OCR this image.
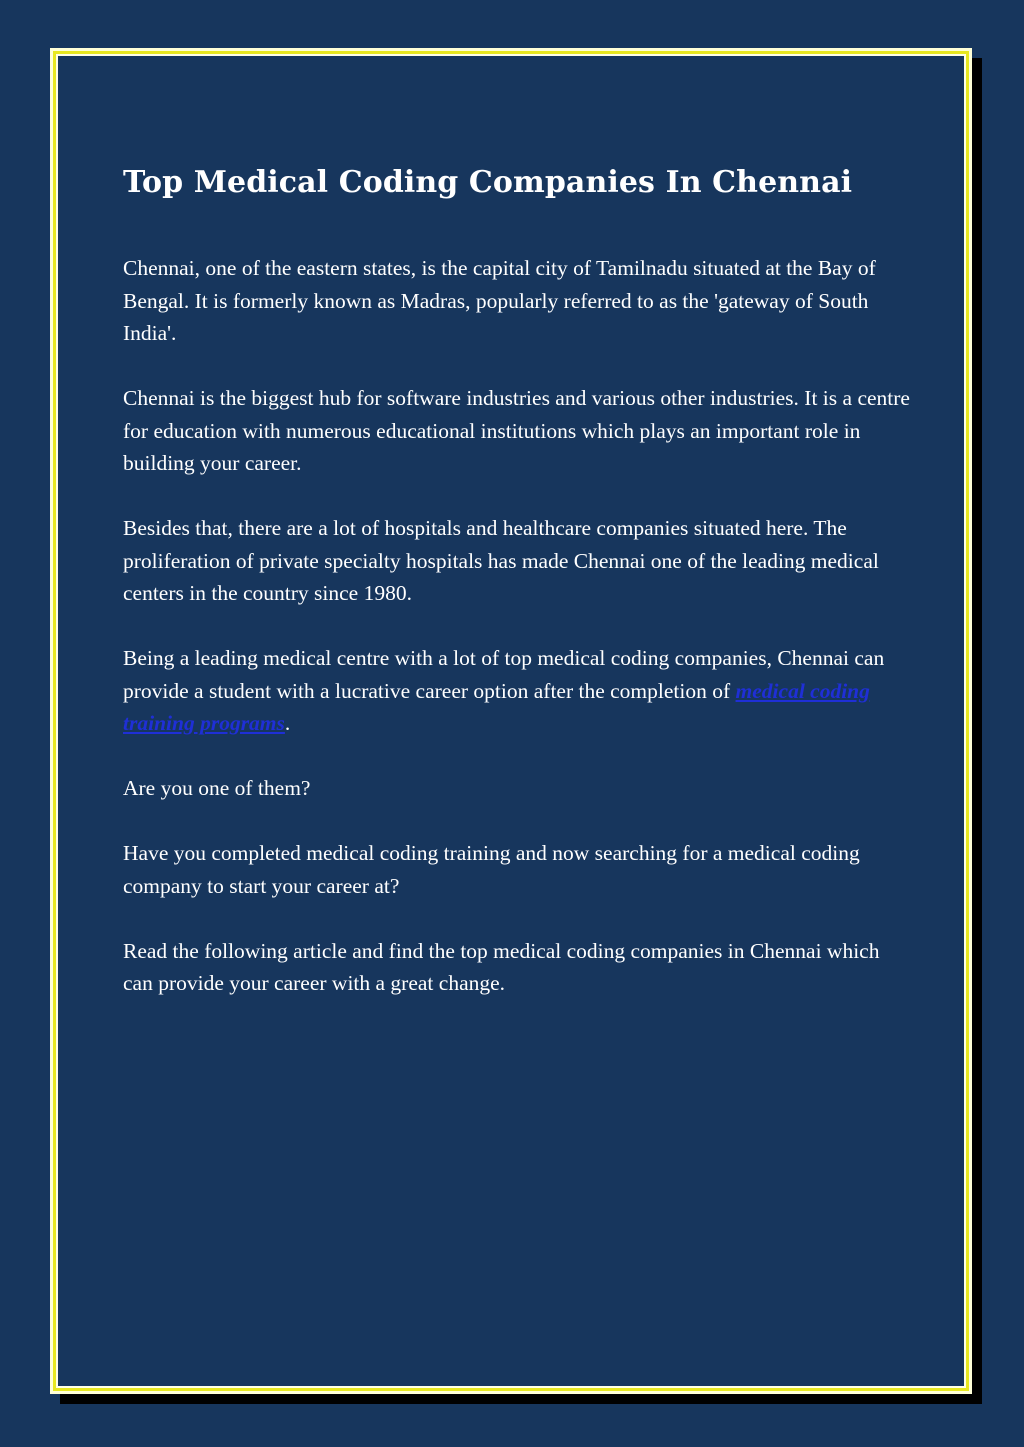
Top Medical Coding Companies In Chennai

Chennai, one of the eastern states, is the capital city of Tamilnadu situated at the Bay of Bengal. It is formerly known as Madras, popularly referred to as the 'gateway of South India'.

Chennai is the biggest hub for software industries and various other industries. It is a centre for education with numerous educational institutions which plays an important role in building your career.

Besides that, there are a lot of hospitals and healthcare companies situated here. The proliferation of private specialty hospitals has made Chennai one of the leading medical centers in the country since 1980.

Being a leading medical centre with a lot of top medical coding companies, Chennai can provide a student with a lucrative career option after the completion of medical coding training programs.

Are you one of them?

Have you completed medical coding training and now searching for a medical coding company to start your career at?

Read the following article and find the top medical coding companies in Chennai which can provide your career with a great change.
